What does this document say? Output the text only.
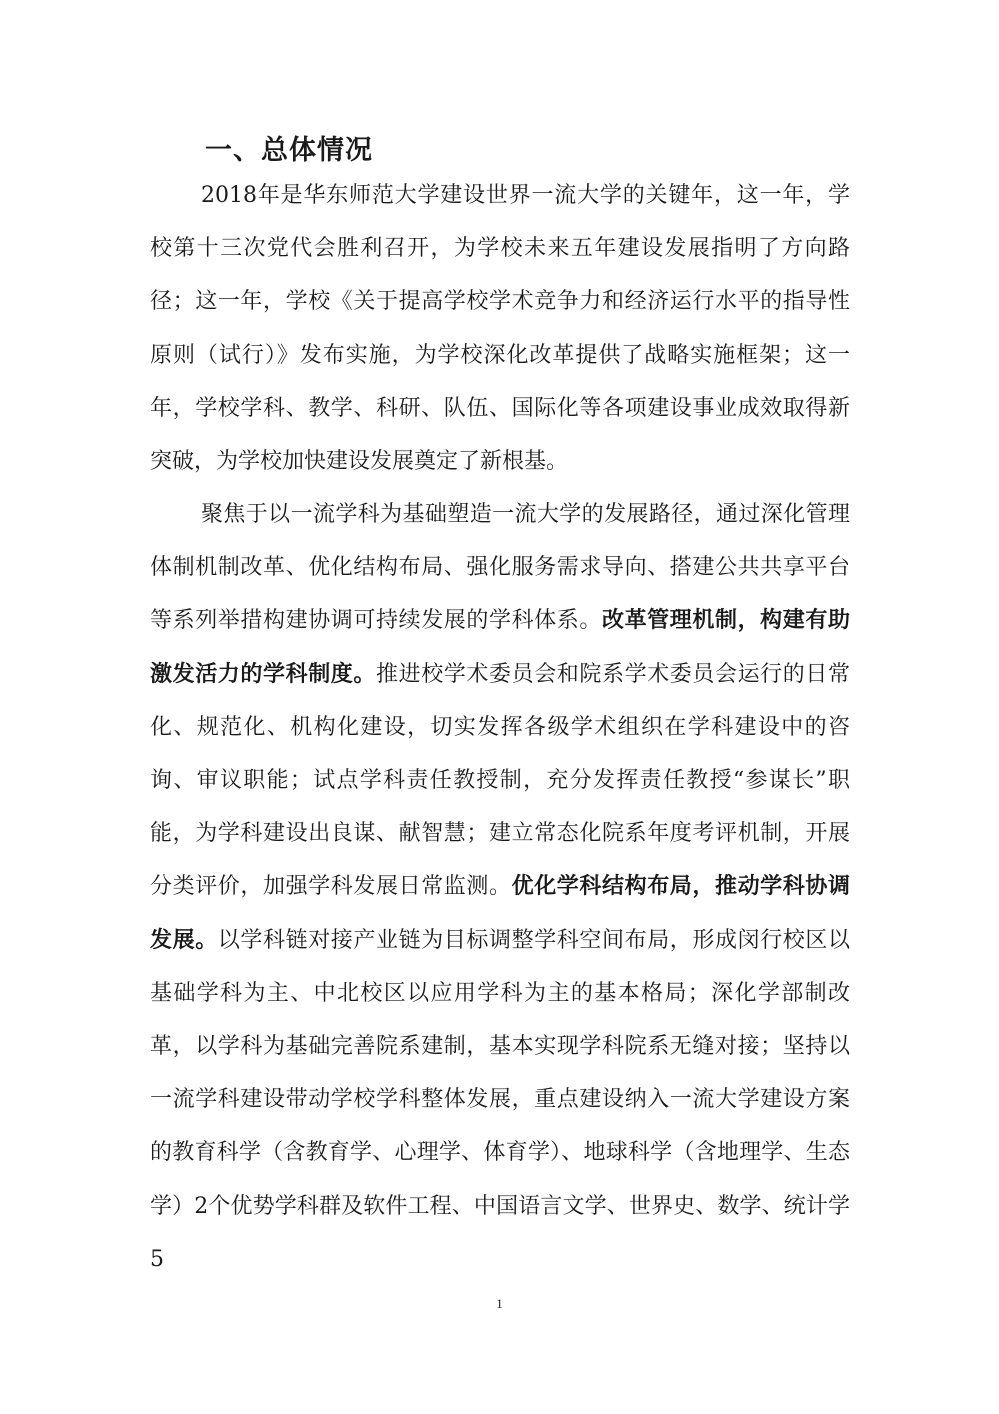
一、总体情况

2018年是华东师范大学建设世界一流大学的关键年，这一年，学校第十三次党代会胜利召开，为学校未来五年建设发展指明了方向路径；这一年，学校《关于提高学校学术竞争力和经济运行水平的指导性原则（试行）》发布实施，为学校深化改革提供了战略实施框架；这一年，学校学科、教学、科研、队伍、国际化等各项建设事业成效取得新突破，为学校加快建设发展奠定了新根基。

聚焦于以一流学科为基础塑造一流大学的发展路径，通过深化管理体制机制改革、优化结构布局、强化服务需求导向、搭建公共共享平台等系列举措构建协调可持续发展的学科体系。改革管理机制，构建有助激发活力的学科制度。推进校学术委员会和院系学术委员会运行的日常化、规范化、机构化建设，切实发挥各级学术组织在学科建设中的咨询、审议职能；试点学科责任教授制，充分发挥责任教授“参谋长”职能，为学科建设出良谋、献智慧；建立常态化院系年度考评机制，开展分类评价，加强学科发展日常监测。优化学科结构布局，推动学科协调发展。以学科链对接产业链为目标调整学科空间布局，形成闵行校区以基础学科为主、中北校区以应用学科为主的基本格局；深化学部制改革，以学科为基础完善院系建制，基本实现学科院系无缝对接；坚持以一流学科建设带动学校学科整体发展，重点建设纳入一流大学建设方案的教育科学（含教育学、心理学、体育学）、地球科学（含地理学、生态学）2个优势学科群及软件工程、中国语言文学、世界史、数学、统计学5

1
